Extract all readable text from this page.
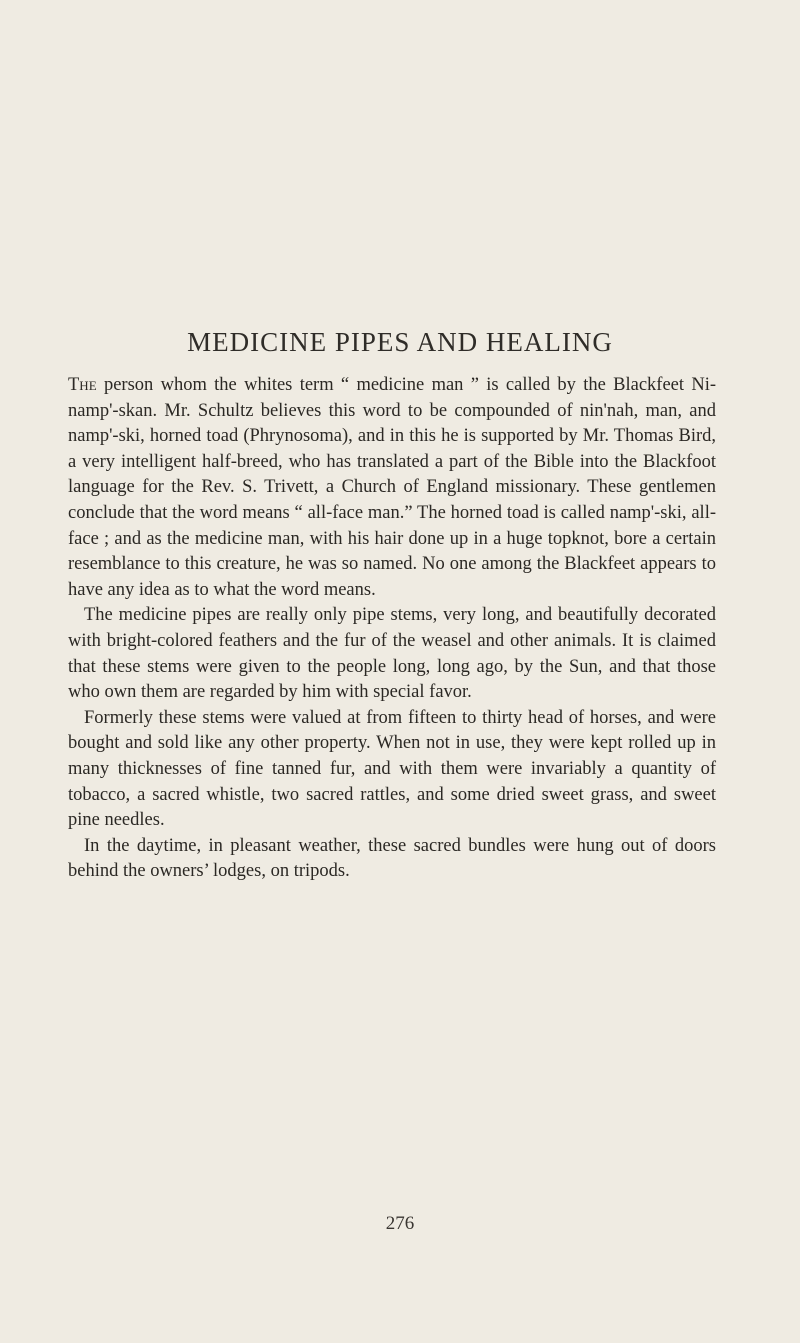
MEDICINE PIPES AND HEALING

The person whom the whites term “ medicine man ” is called by the Blackfeet Ni-namp'-skan. Mr. Schultz believes this word to be compounded of nin'nah, man, and namp'-ski, horned toad (Phrynosoma), and in this he is supported by Mr. Thomas Bird, a very intelligent half-breed, who has translated a part of the Bible into the Blackfoot language for the Rev. S. Trivett, a Church of England missionary. These gentlemen conclude that the word means “ all-face man.” The horned toad is called namp'-ski, all-face ; and as the medicine man, with his hair done up in a huge topknot, bore a certain resemblance to this creature, he was so named. No one among the Blackfeet appears to have any idea as to what the word means.

The medicine pipes are really only pipe stems, very long, and beautifully decorated with bright-colored feathers and the fur of the weasel and other animals. It is claimed that these stems were given to the people long, long ago, by the Sun, and that those who own them are regarded by him with special favor.

Formerly these stems were valued at from fifteen to thirty head of horses, and were bought and sold like any other property. When not in use, they were kept rolled up in many thicknesses of fine tanned fur, and with them were invariably a quantity of tobacco, a sacred whistle, two sacred rattles, and some dried sweet grass, and sweet pine needles.

In the daytime, in pleasant weather, these sacred bundles were hung out of doors behind the owners’ lodges, on tripods.

276
